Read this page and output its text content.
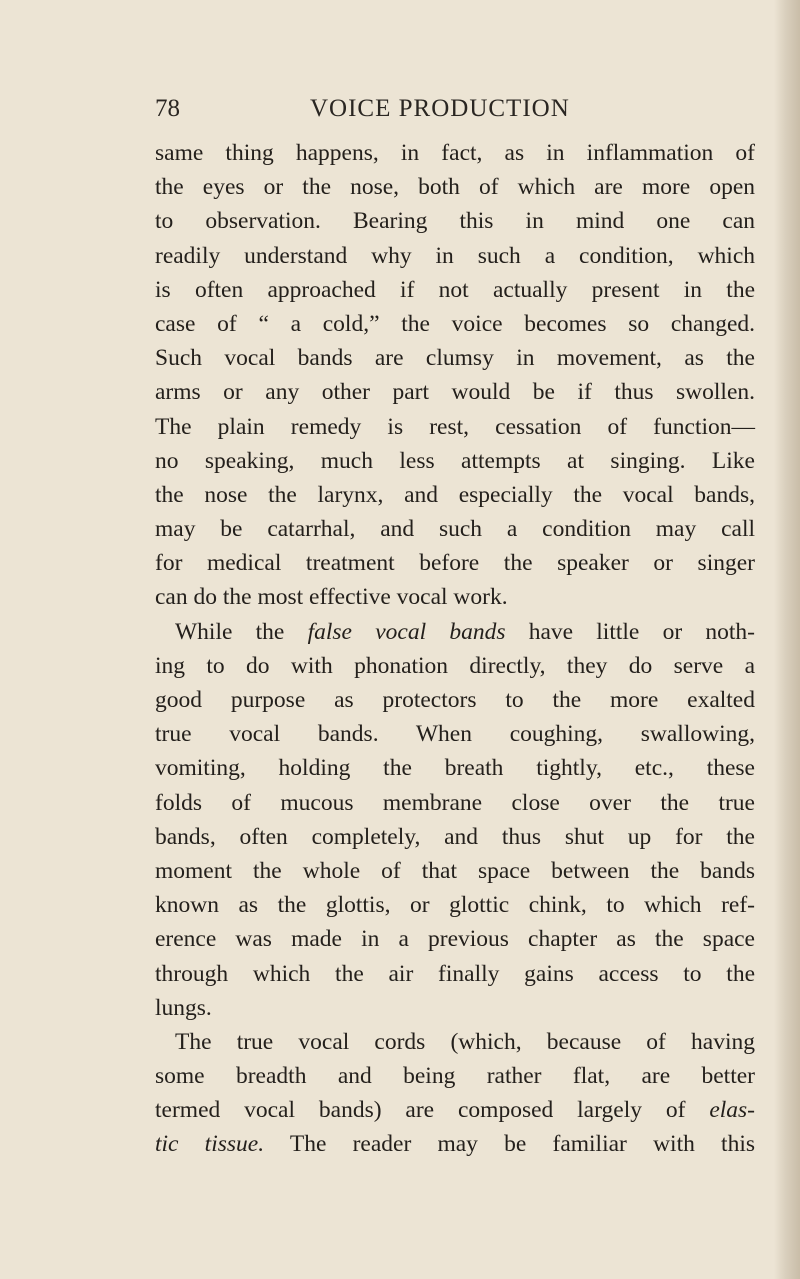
78	VOICE PRODUCTION
same thing happens, in fact, as in inflammation of
the eyes or the nose, both of which are more open
to observation. Bearing this in mind one can
readily understand why in such a condition, which
is often approached if not actually present in the
case of “ a cold,” the voice becomes so changed.
Such vocal bands are clumsy in movement, as the
arms or any other part would be if thus swollen.
The plain remedy is rest, cessation of function—
no speaking, much less attempts at singing. Like
the nose the larynx, and especially the vocal bands,
may be catarrhal, and such a condition may call
for medical treatment before the speaker or singer
can do the most effective vocal work.
While the false vocal bands have little or noth-
ing to do with phonation directly, they do serve a
good purpose as protectors to the more exalted
true vocal bands. When coughing, swallowing,
vomiting, holding the breath tightly, etc., these
folds of mucous membrane close over the true
bands, often completely, and thus shut up for the
moment the whole of that space between the bands
known as the glottis, or glottic chink, to which ref-
erence was made in a previous chapter as the space
through which the air finally gains access to the
lungs.
The true vocal cords (which, because of having
some breadth and being rather flat, are better
termed vocal bands) are composed largely of elas-
tic tissue. The reader may be familiar with this
